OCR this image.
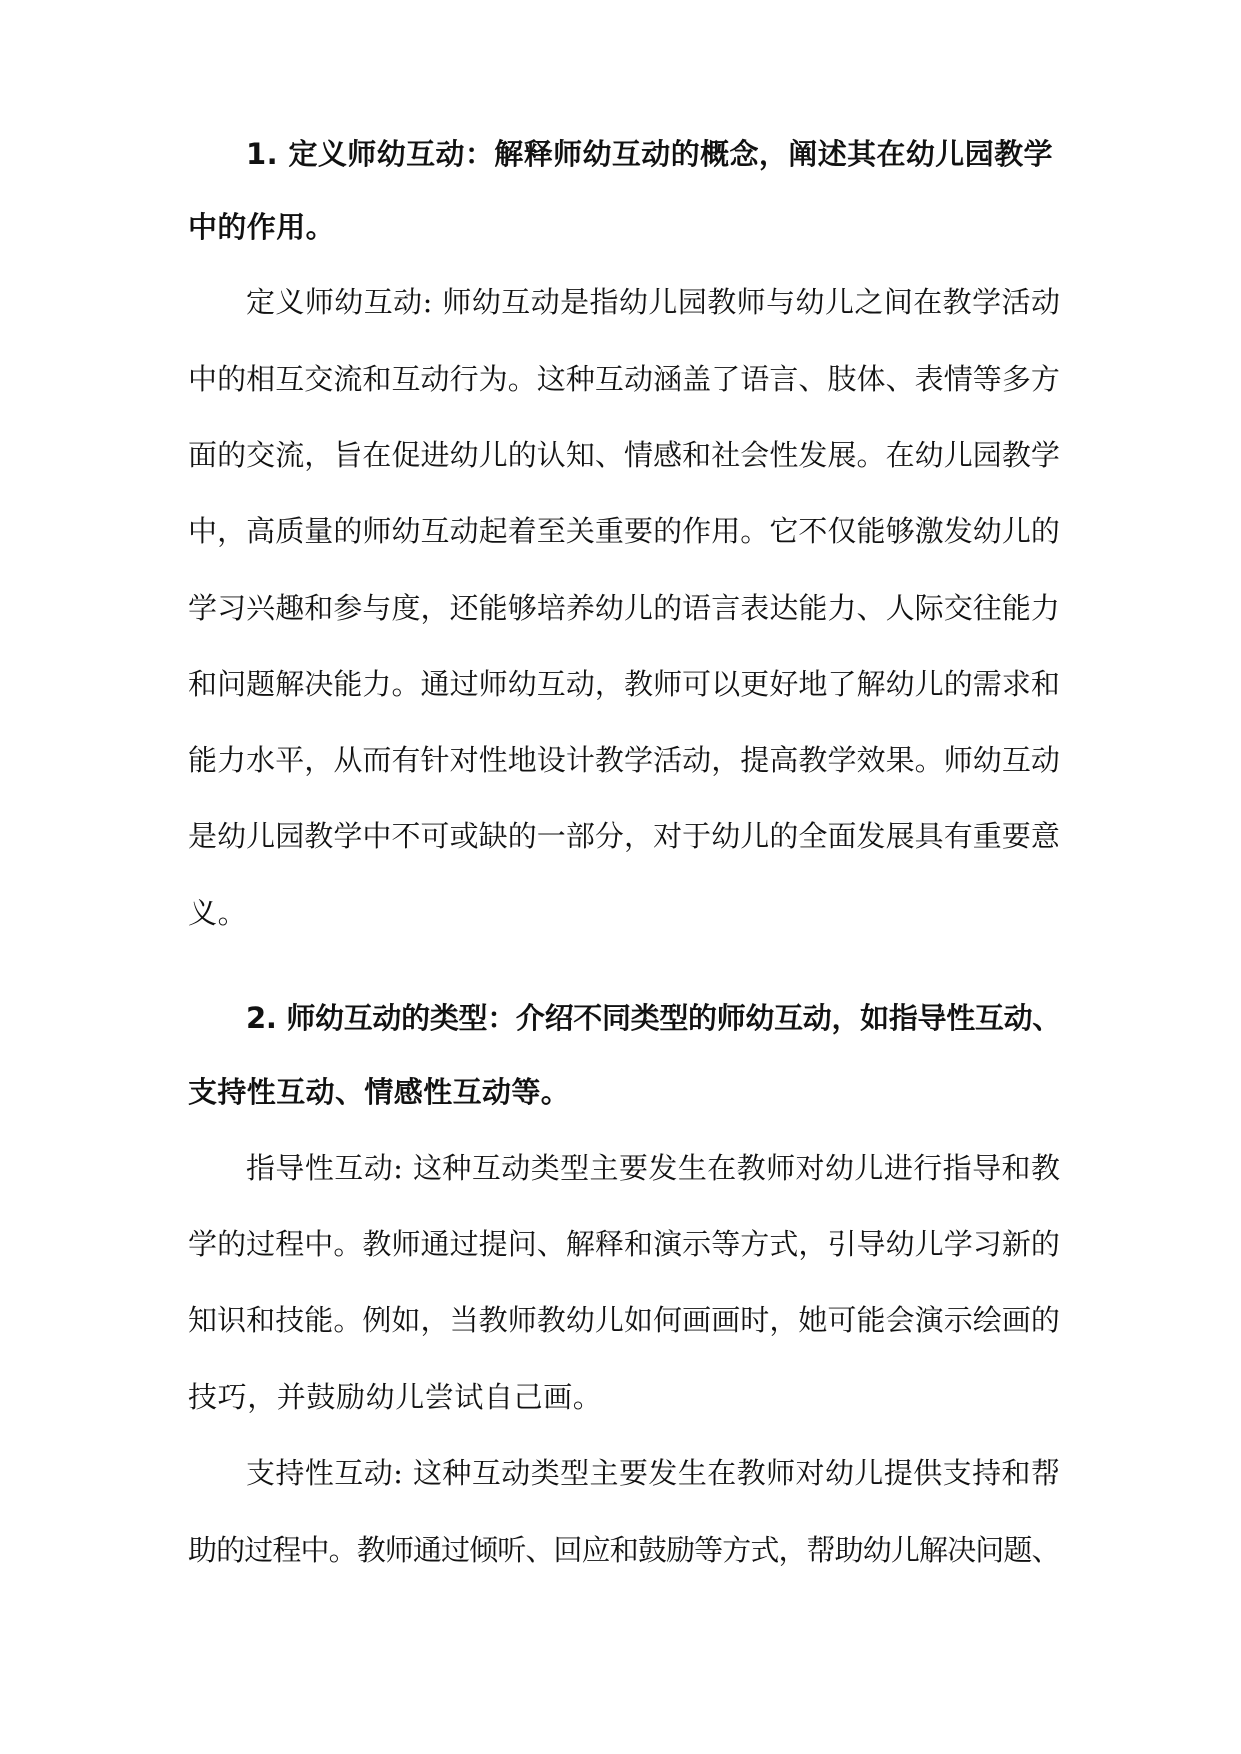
1. 定义师幼互动：解释师幼互动的概念，阐述其在幼儿园教学
中的作用。
定义师幼互动: 师幼互动是指幼儿园教师与幼儿之间在教学活动
中的相互交流和互动行为。这种互动涵盖了语言、肢体、表情等多方
面的交流，旨在促进幼儿的认知、情感和社会性发展。在幼儿园教学
中，高质量的师幼互动起着至关重要的作用。它不仅能够激发幼儿的
学习兴趣和参与度，还能够培养幼儿的语言表达能力、人际交往能力
和问题解决能力。通过师幼互动，教师可以更好地了解幼儿的需求和
能力水平，从而有针对性地设计教学活动，提高教学效果。师幼互动
是幼儿园教学中不可或缺的一部分，对于幼儿的全面发展具有重要意
义。
2. 师幼互动的类型：介绍不同类型的师幼互动，如指导性互动、
支持性互动、情感性互动等。
指导性互动: 这种互动类型主要发生在教师对幼儿进行指导和教
学的过程中。教师通过提问、解释和演示等方式，引导幼儿学习新的
知识和技能。例如，当教师教幼儿如何画画时，她可能会演示绘画的
技巧，并鼓励幼儿尝试自己画。
支持性互动: 这种互动类型主要发生在教师对幼儿提供支持和帮
助的过程中。教师通过倾听、回应和鼓励等方式，帮助幼儿解决问题、
